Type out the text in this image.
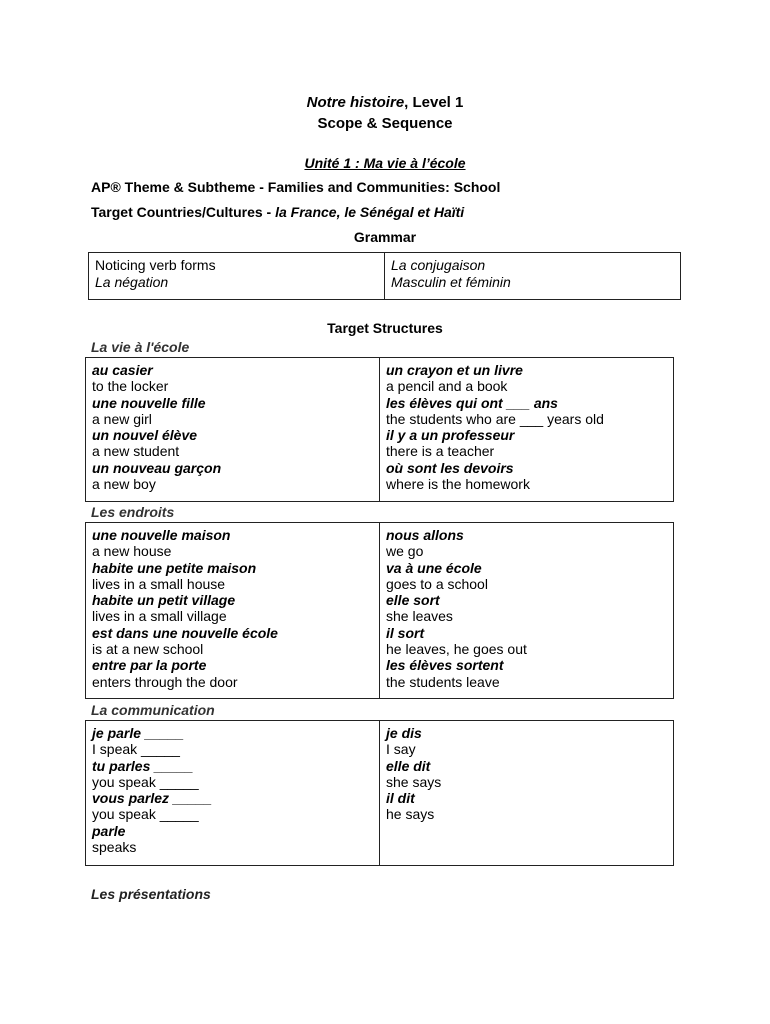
Notre histoire, Level 1
Scope & Sequence
Unité 1 : Ma vie à l’école
AP® Theme & Subtheme - Families and Communities: School
Target Countries/Cultures - la France, le Sénégal et Haïti
Grammar
Noticing verb forms
La négation

La conjugaison
Masculin et féminin
Target Structures
La vie à l'école
au casier
to the locker
une nouvelle fille
a new girl
un nouvel élève
a new student
un nouveau garçon
a new boy

un crayon et un livre
a pencil and a book
les élèves qui ont ___ ans
the students who are ___ years old
il y a un professeur
there is a teacher
où sont les devoirs
where is the homework
Les endroits
une nouvelle maison
a new house
habite une petite maison
lives in a small house
habite un petit village
lives in a small village
est dans une nouvelle école
is at a new school
entre par la porte
enters through the door

nous allons
we go
va à une école
goes to a school
elle sort
she leaves
il sort
he leaves, he goes out
les élèves sortent
the students leave
La communication
je parle _____
I speak _____
tu parles _____
you speak _____
vous parlez _____
you speak _____
parle
speaks

je dis
I say
elle dit
she says
il dit
he says
Les présentations
